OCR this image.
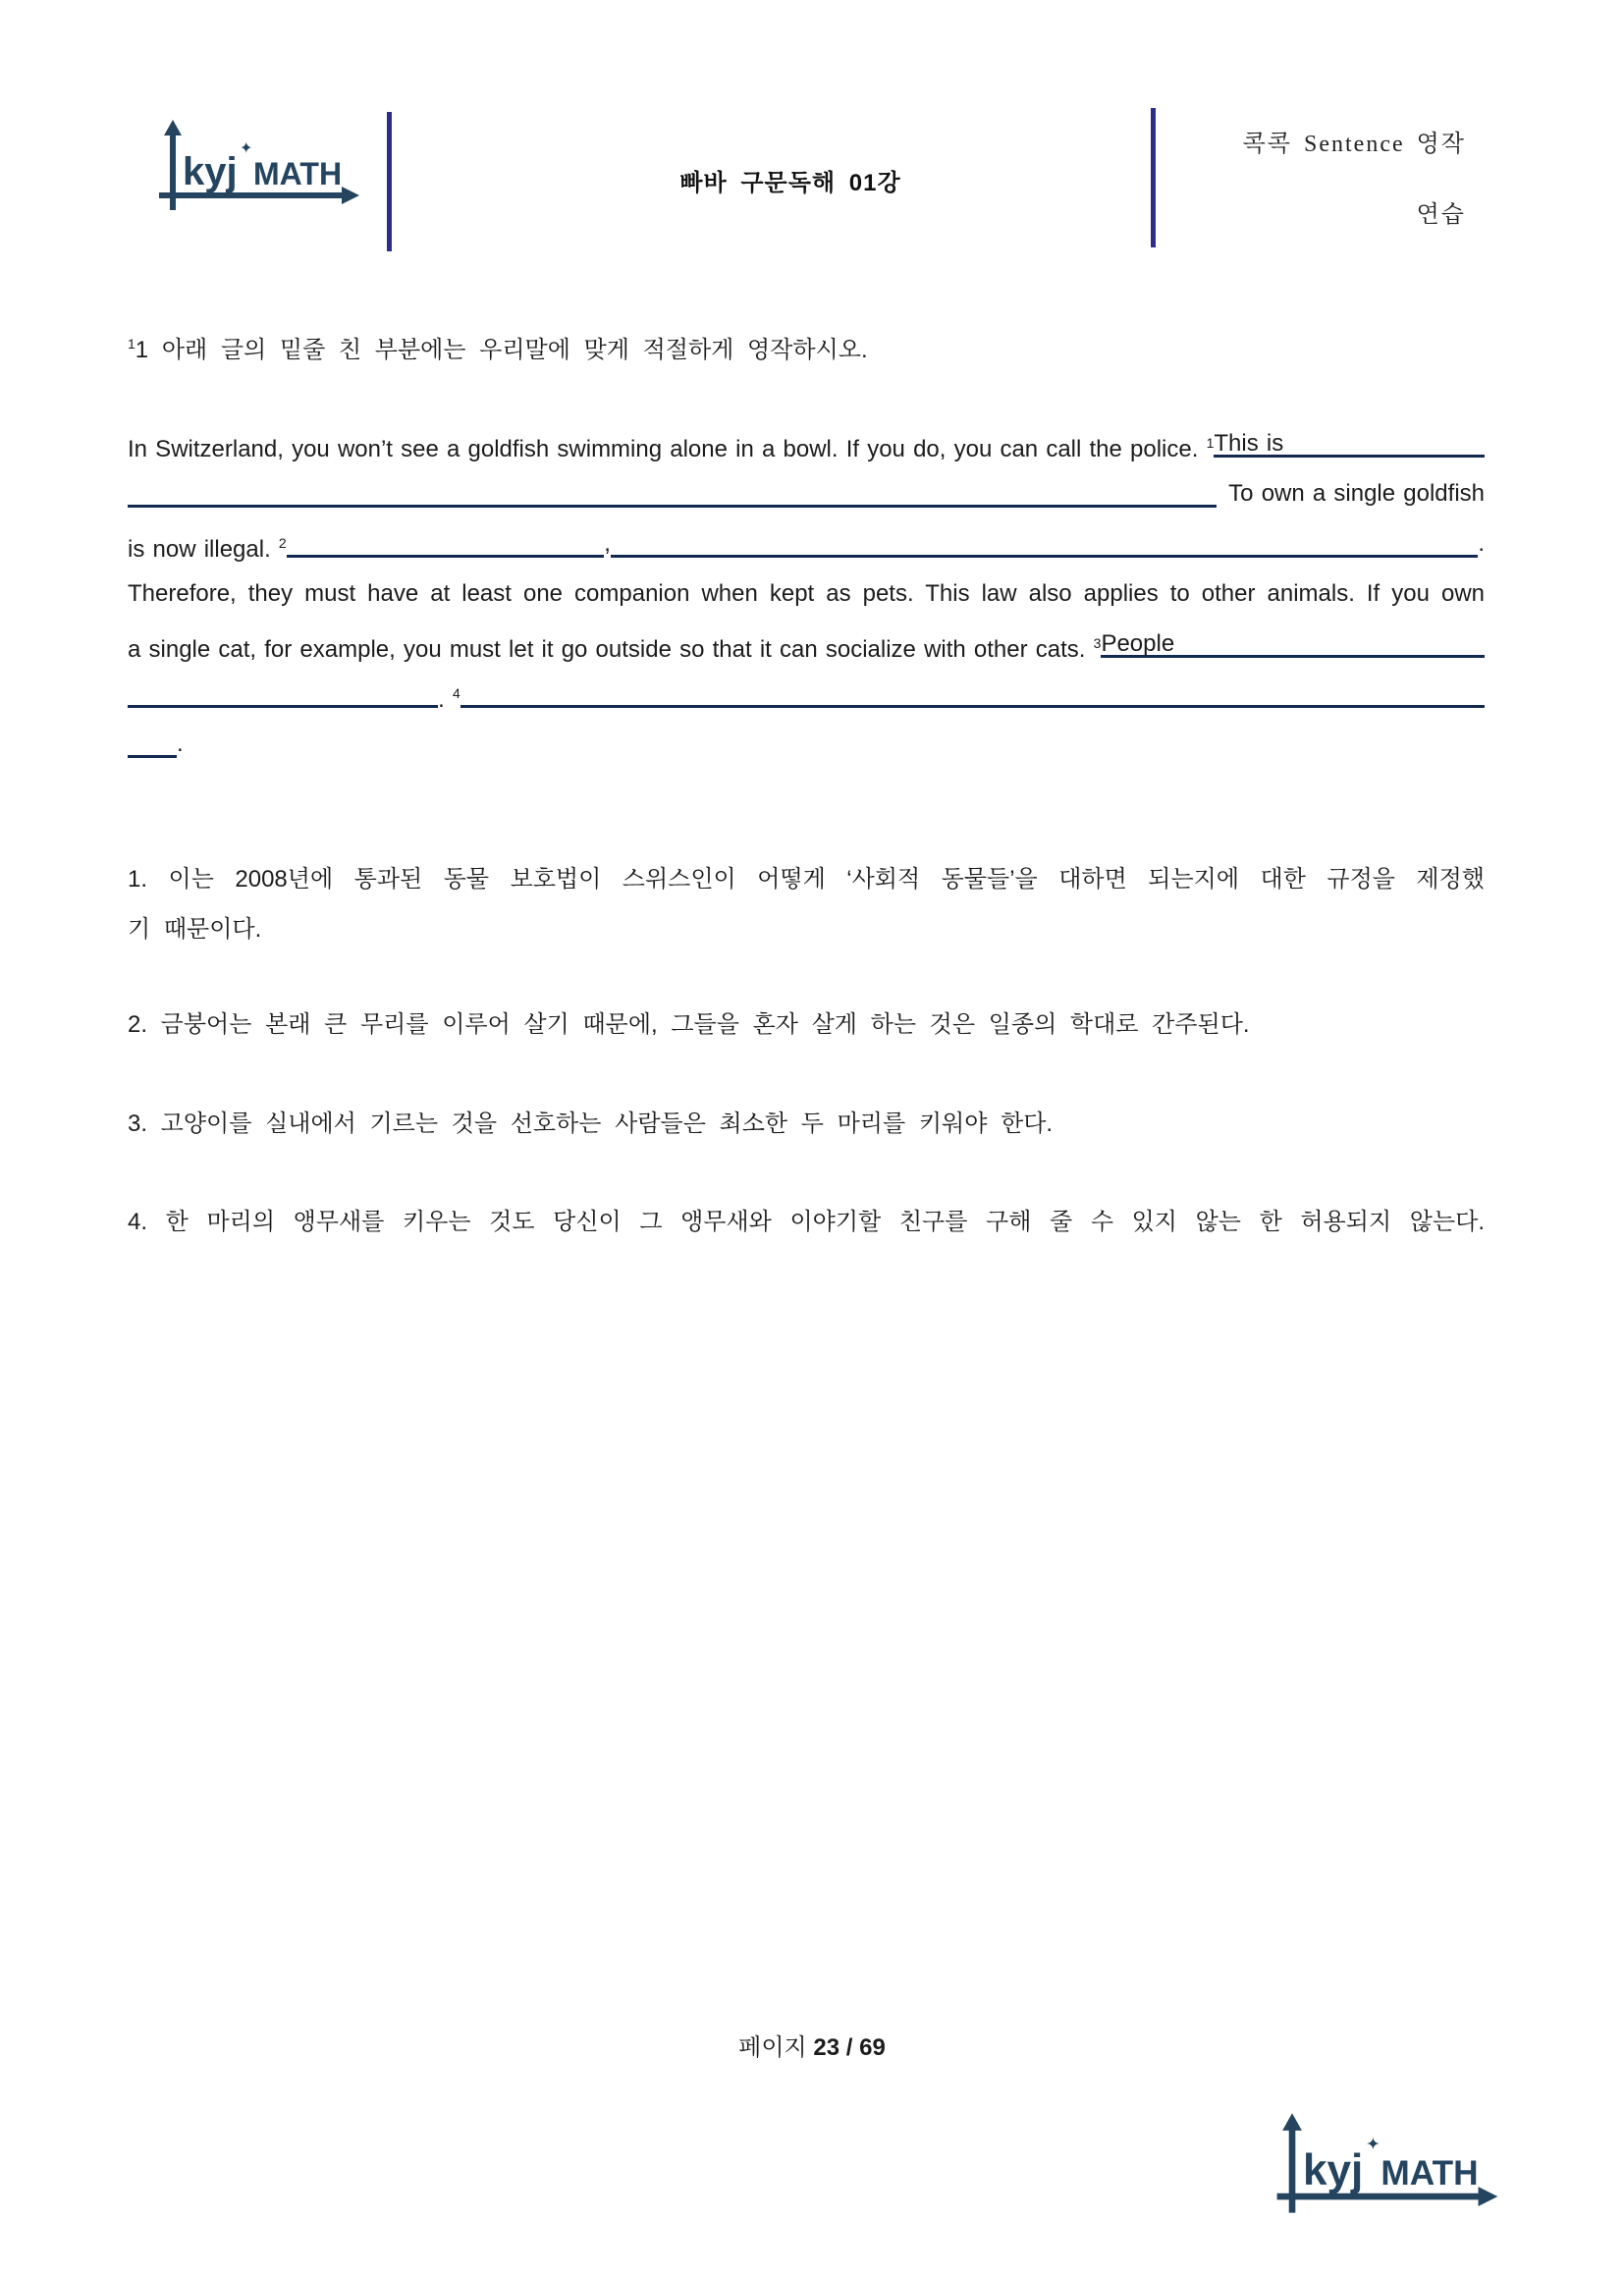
kyj
✦
MATH	빠바 구문독해 01강
콕콕 Sentence 영작
연습
$^1$1 아래 글의 밑줄 친 부분에는 우리말에 맞게 적절하게 영작하시오.
In Switzerland, you won’t see a goldfish swimming alone in a bowl. If you do, you can call the police. $^1$ This is
To own a single goldfish
is now illegal. $^2$	,	.
Therefore, they must have at least one companion when kept as pets. This law also applies to other animals. If you own
a single cat, for example, you must let it go outside so that it can socialize with other cats. $^3$ People
. $^4$
.
1. 이는 2008년에 통과된 동물 보호법이 스위스인이 어떻게 ‘사회적 동물들’을 대하면 되는지에 대한 규정을 제정했
기 때문이다.
2. 금붕어는 본래 큰 무리를 이루어 살기 때문에, 그들을 혼자 살게 하는 것은 일종의 학대로 간주된다.
3. 고양이를 실내에서 기르는 것을 선호하는 사람들은 최소한 두 마리를 키워야 한다.
4. 한 마리의 앵무새를 키우는 것도 당신이 그 앵무새와 이야기할 친구를 구해 줄 수 있지 않는 한 허용되지 않는다.
페이지 23 / 69
kyj
✦
MATH
